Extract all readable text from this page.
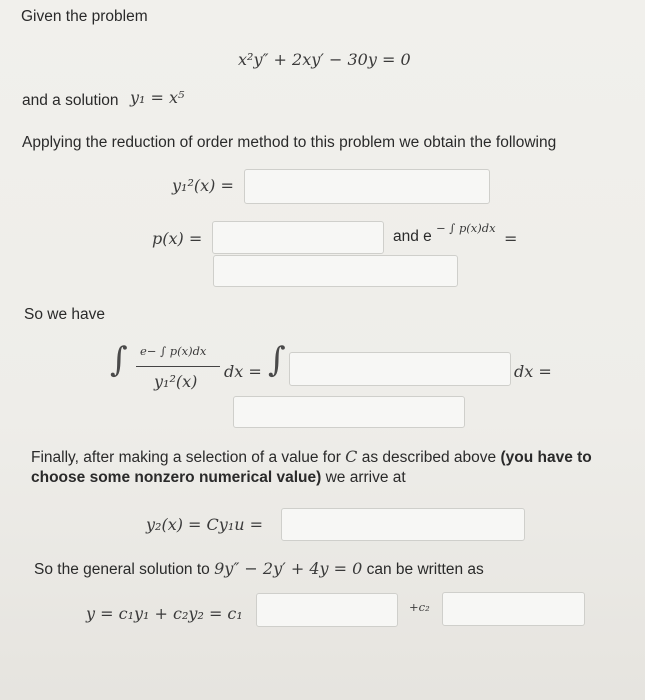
Given the problem
x²y″ + 2xy′ − 30y = 0
and a solution y₁ = x⁵
Applying the reduction of order method to this problem we obtain the following
y₁²(x) =
p(x) =	and e − ∫ p(x)dx
=
So we have
∫ e− ∫ p(x)dx
y₁²(x)
dx = ∫	dx =
Finally, after making a selection of a value for C as described above (you have to
choose some nonzero numerical value) we arrive at
y₂(x) = Cy₁u =
So the general solution to 9y″ − 2y′ + 4y = 0 can be written as
y = c₁y₁ + c₂y₂ = c₁	+c₂
